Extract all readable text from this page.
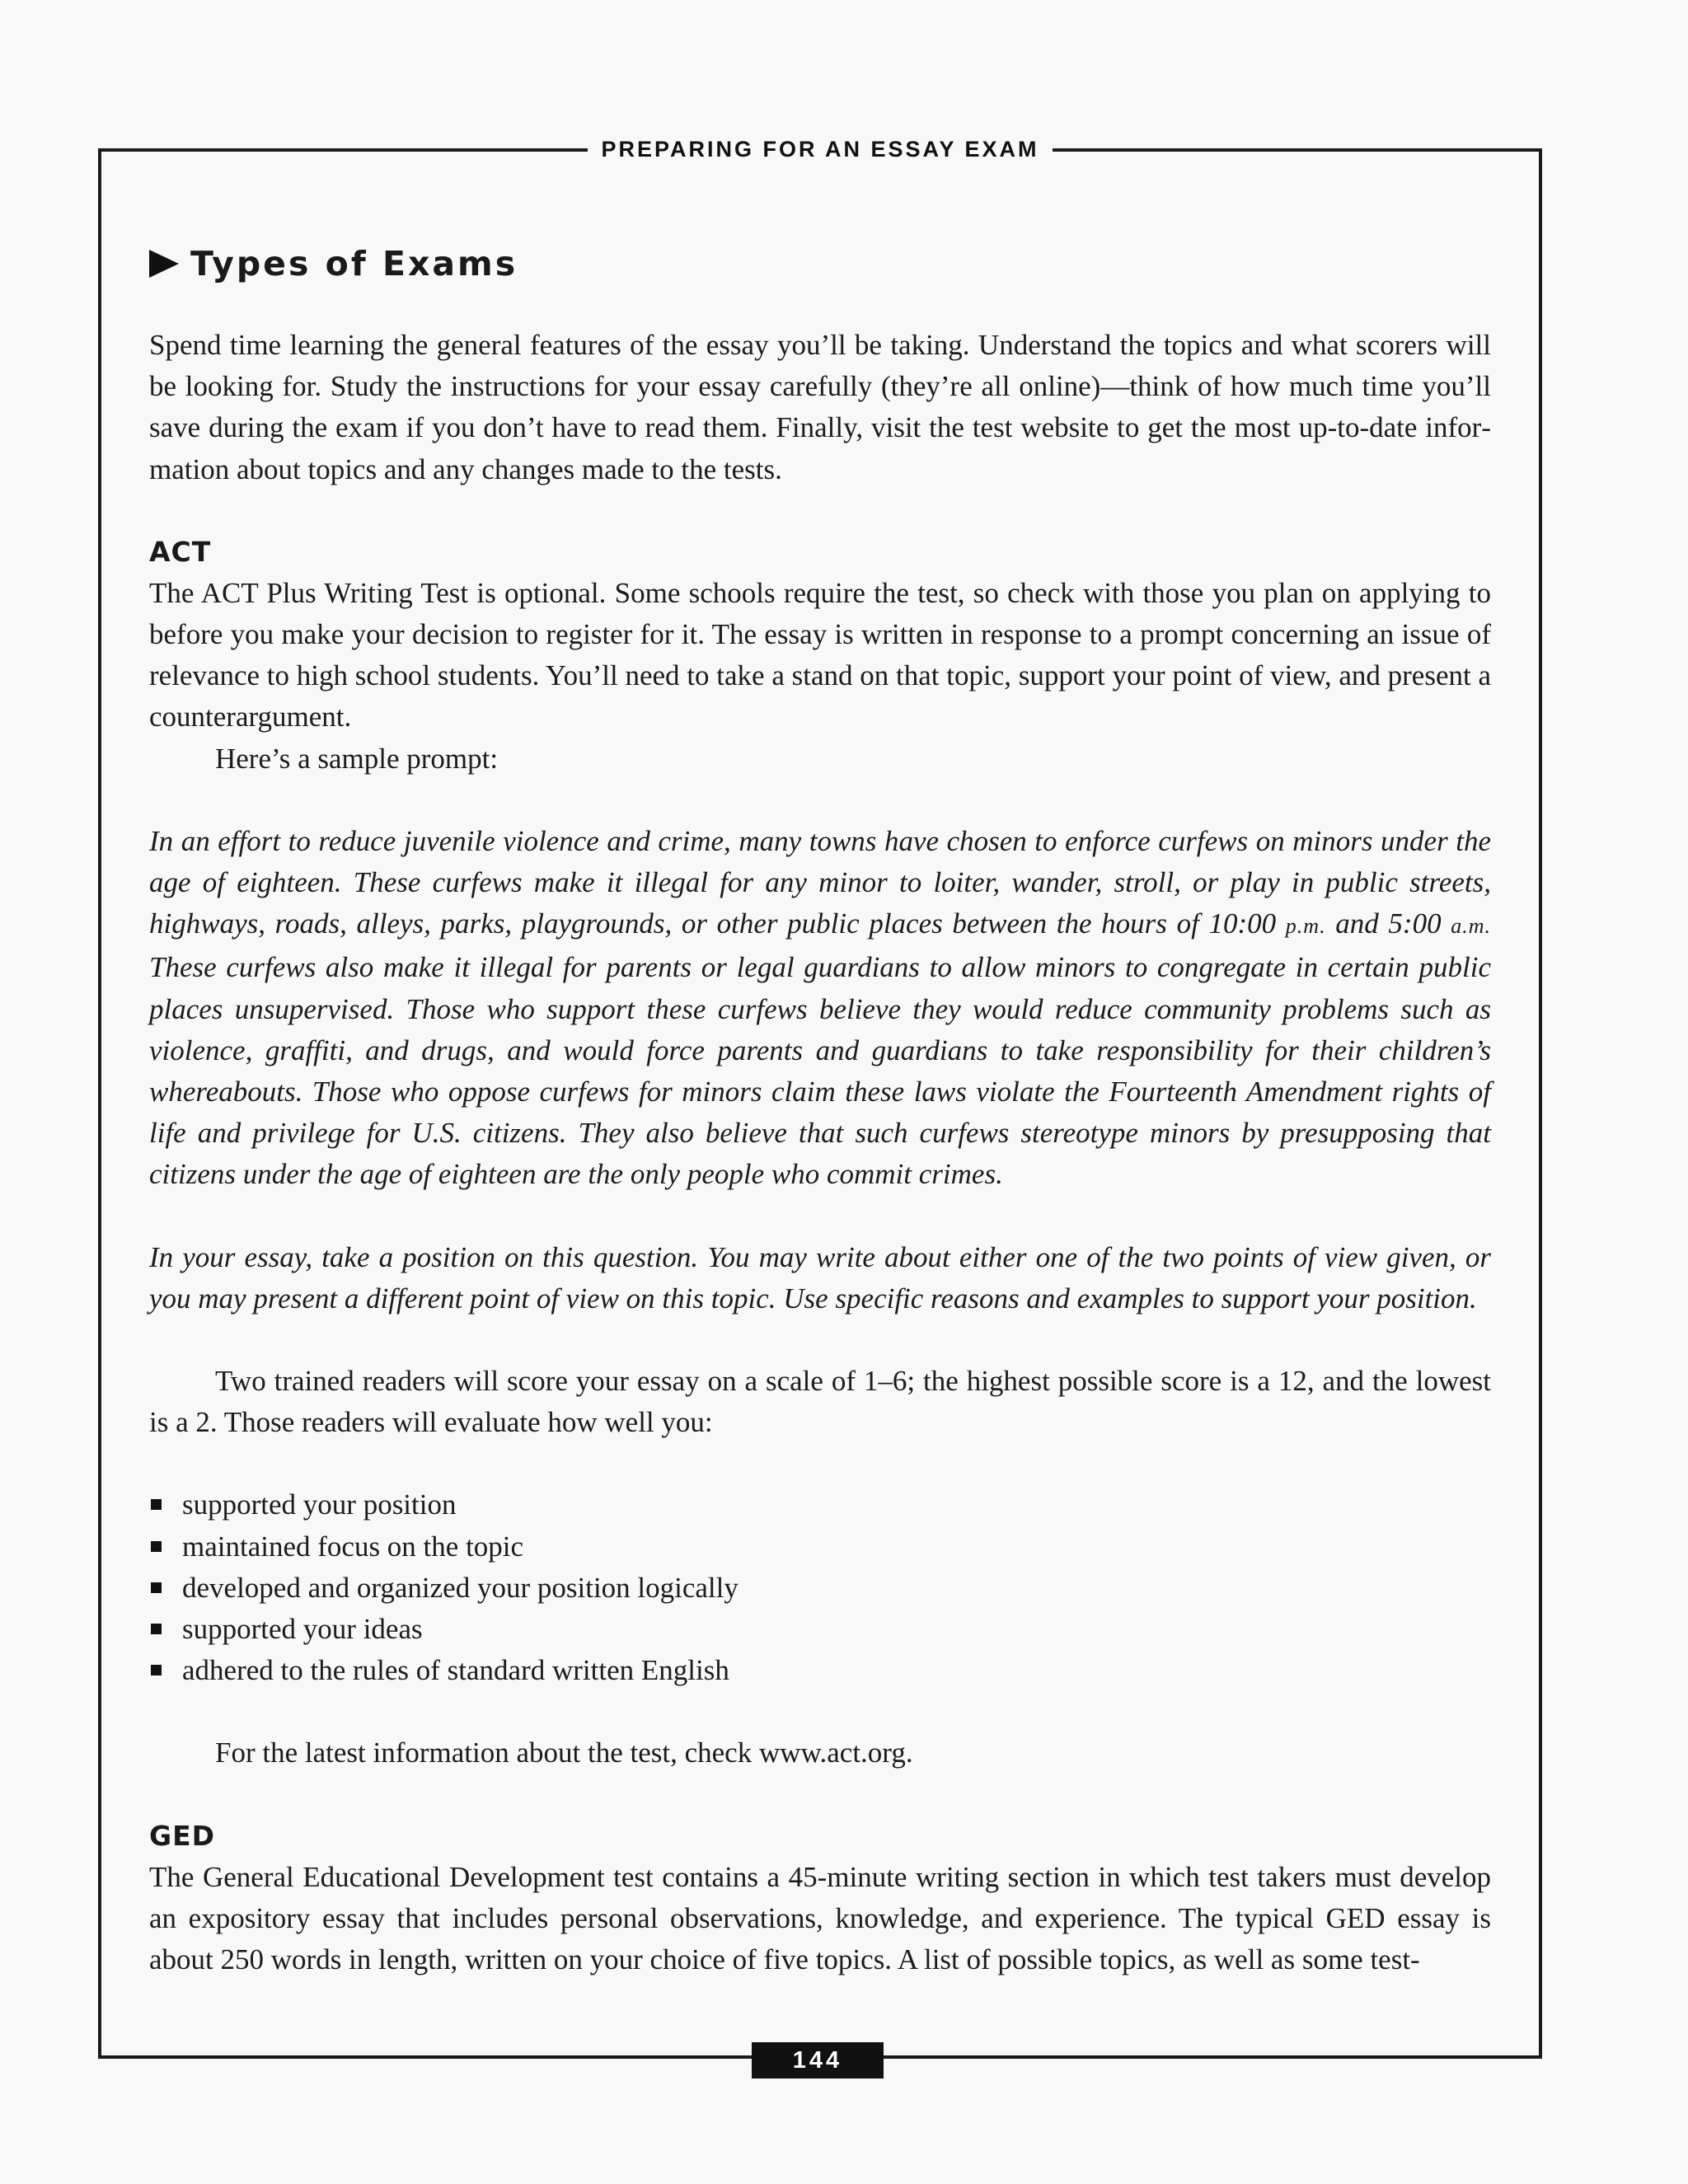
PREPARING FOR AN ESSAY EXAM
Types of Exams

Spend time learning the general features of the essay you’ll be taking. Understand the topics and what scorers will be looking for. Study the instructions for your essay carefully (they’re all online)—think of how much time you’ll save during the exam if you don’t have to read them. Finally, visit the test website to get the most up-to-date information about topics and any changes made to the tests.

ACT

The ACT Plus Writing Test is optional. Some schools require the test, so check with those you plan on applying to before you make your decision to register for it. The essay is written in response to a prompt concerning an issue of relevance to high school students. You’ll need to take a stand on that topic, support your point of view, and present a counterargument.

Here’s a sample prompt:

In an effort to reduce juvenile violence and crime, many towns have chosen to enforce curfews on minors under the age of eighteen. These curfews make it illegal for any minor to loiter, wander, stroll, or play in public streets, highways, roads, alleys, parks, playgrounds, or other public places between the hours of 10:00 p.m. and 5:00 a.m. These curfews also make it illegal for parents or legal guardians to allow minors to congregate in certain public places unsupervised. Those who support these curfews believe they would reduce community problems such as violence, graffiti, and drugs, and would force parents and guardians to take responsibility for their children’s whereabouts. Those who oppose curfews for minors claim these laws violate the Fourteenth Amendment rights of life and privilege for U.S. citizens. They also believe that such curfews stereotype minors by presupposing that citizens under the age of eighteen are the only people who commit crimes.

In your essay, take a position on this question. You may write about either one of the two points of view given, or you may present a different point of view on this topic. Use specific reasons and examples to support your position.

Two trained readers will score your essay on a scale of 1–6; the highest possible score is a 12, and the lowest is a 2. Those readers will evaluate how well you:

supported your position
maintained focus on the topic
developed and organized your position logically
supported your ideas
adhered to the rules of standard written English

For the latest information about the test, check www.act.org.

GED

The General Educational Development test contains a 45-minute writing section in which test takers must develop an expository essay that includes personal observations, knowledge, and experience. The typical GED essay is about 250 words in length, written on your choice of five topics. A list of possible topics, as well as some test-

144
